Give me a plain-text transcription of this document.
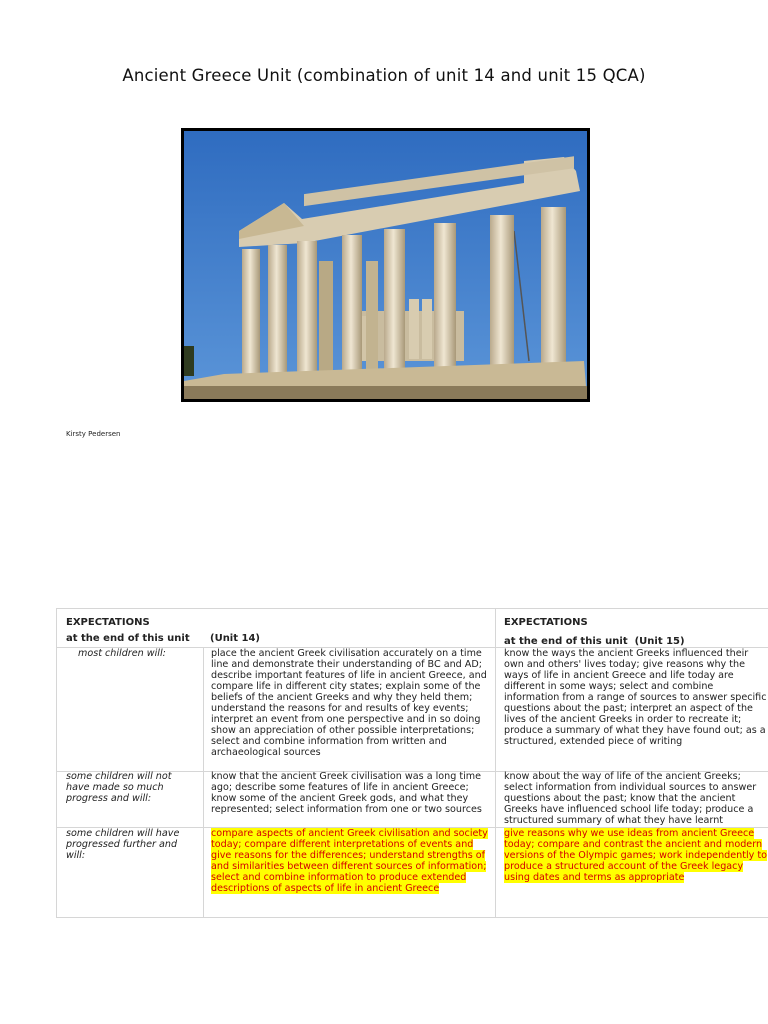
Ancient Greece Unit (combination of unit 14 and unit 15 QCA)
Kirsty Pedersen
EXPECTATIONS
at the end of this unit (Unit 14)
EXPECTATIONS
at the end of this unit  (Unit 15)
most children will:	place the ancient Greek civilisation accurately on a time line and demonstrate their understanding of BC and AD; describe important features of life in ancient Greece, and compare life in different city states; explain some of the beliefs of the ancient Greeks and why they held them; understand the reasons for and results of key events; interpret an event from one perspective and in so doing show an appreciation of other possible interpretations; select and combine information from written and archaeological sources
know the ways the ancient Greeks influenced their own and others' lives today; give reasons why the ways of life in ancient Greece and life today are different in some ways; select and combine information from a range of sources to answer specific questions about the past; interpret an aspect of the lives of the ancient Greeks in order to recreate it; produce a summary of what they have found out; as a structured, extended piece of writing
some children will not have made so much progress and will:
know that the ancient Greek civilisation was a long time ago; describe some features of life in ancient Greece; know some of the ancient Greek gods, and what they represented; select information from one or two sources
know about the way of life of the ancient Greeks; select information from individual sources to answer questions about the past; know that the ancient Greeks have influenced school life today; produce a structured summary of what they have learnt
some children will have progressed further and will:
compare aspects of ancient Greek civilisation and society today; compare different interpretations of events and give reasons for the differences; understand strengths of and similarities between different sources of information; select and combine information to produce extended descriptions of aspects of life in ancient Greece
give reasons why we use ideas from ancient Greece today; compare and contrast the ancient and modern versions of the Olympic games; work independently to produce a structured account of the Greek legacy using dates and terms as appropriate
